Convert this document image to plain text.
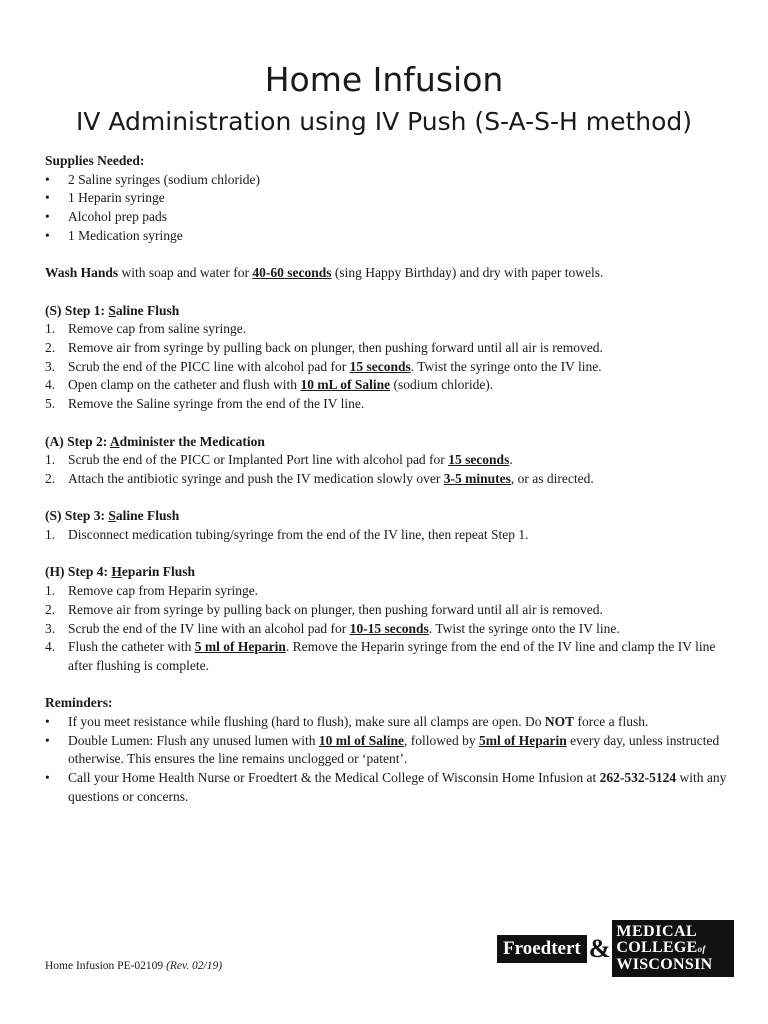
Home Infusion
IV Administration using IV Push (S-A-S-H method)

Supplies Needed:

• 2 Saline syringes (sodium chloride)
• 1 Heparin syringe
• Alcohol prep pads
• 1 Medication syringe

Wash Hands with soap and water for 40-60 seconds (sing Happy Birthday) and dry with paper towels.

(S) Step 1: Saline Flush

1. Remove cap from saline syringe.
2. Remove air from syringe by pulling back on plunger, then pushing forward until all air is removed.
3. Scrub the end of the PICC line with alcohol pad for 15 seconds. Twist the syringe onto the IV line.
4. Open clamp on the catheter and flush with 10 mL of Saline (sodium chloride).
5. Remove the Saline syringe from the end of the IV line.

(A) Step 2: Administer the Medication

1. Scrub the end of the PICC or Implanted Port line with alcohol pad for 15 seconds.
2. Attach the antibiotic syringe and push the IV medication slowly over 3-5 minutes, or as directed.

(S) Step 3: Saline Flush

1. Disconnect medication tubing/syringe from the end of the IV line, then repeat Step 1.

(H) Step 4: Heparin Flush

1. Remove cap from Heparin syringe.
2. Remove air from syringe by pulling back on plunger, then pushing forward until all air is removed.
3. Scrub the end of the IV line with an alcohol pad for 10-15 seconds. Twist the syringe onto the IV line.
4. Flush the catheter with 5 ml of Heparin. Remove the Heparin syringe from the end of the IV line and clamp the IV line after flushing is complete.

Reminders:

• If you meet resistance while flushing (hard to flush), make sure all clamps are open. Do NOT force a flush.
• Double Lumen: Flush any unused lumen with 10 ml of Saline, followed by 5ml of Heparin every day, unless instructed otherwise. This ensures the line remains unclogged or ‘patent’.
• Call your Home Health Nurse or Froedtert & the Medical College of Wisconsin Home Infusion at 262-532-5124 with any questions or concerns.
Home Infusion PE-02109 (Rev. 02/19)
Froedtert &
MEDICAL
COLLEGEof
WISCONSIN
